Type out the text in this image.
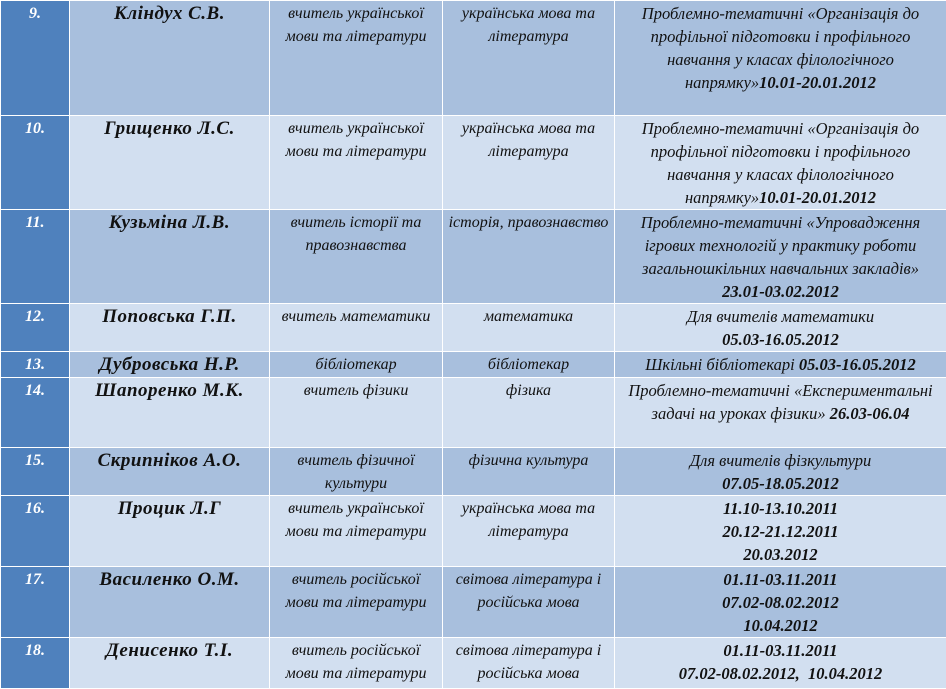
9.	Кліндух С.В.	вчитель української мови та літератури	українська мова та література	Проблемно-тематичні «Організація до профільної підготовки і профільного навчання у класах філологічного напрямку»10.01-20.01.2012
10.	Грищенко Л.С.	вчитель української мови та літератури	українська мова та література	Проблемно-тематичні «Організація до профільної підготовки і профільного навчання у класах філологічного напрямку»10.01-20.01.2012
11.	Кузьміна Л.В.	вчитель історії та правознавства	історія, правознавство	Проблемно-тематичні «Упровадження ігрових технологій у практику роботи загальношкільних навчальних закладів»
23.01-03.02.2012
12.	Поповська Г.П.	вчитель математики	математика	Для вчителів математики
05.03-16.05.2012
13.	Дубровська Н.Р.	бібліотекар	бібліотекар	Шкільні бібліотекарі 05.03-16.05.2012
14.	Шапоренко М.К.	вчитель фізики	фізика	Проблемно-тематичні «Експериментальні задачі на уроках фізики» 26.03-06.04
15.	Скрипніков А.О.	вчитель фізичної культури	фізична культура	Для вчителів фізкультури
07.05-18.05.2012
16.	Процик Л.Г	вчитель української мови та літератури	українська мова та література	11.10-13.10.2011
20.12-21.12.2011
20.03.2012
17.	Василенко О.М.	вчитель російської мови та літератури	світова література і російська мова	01.11-03.11.2011
07.02-08.02.2012
10.04.2012
18.	Денисенко Т.І.	вчитель російської мови та літератури	світова література і російська мова	01.11-03.11.2011
07.02-08.02.2012,  10.04.2012
